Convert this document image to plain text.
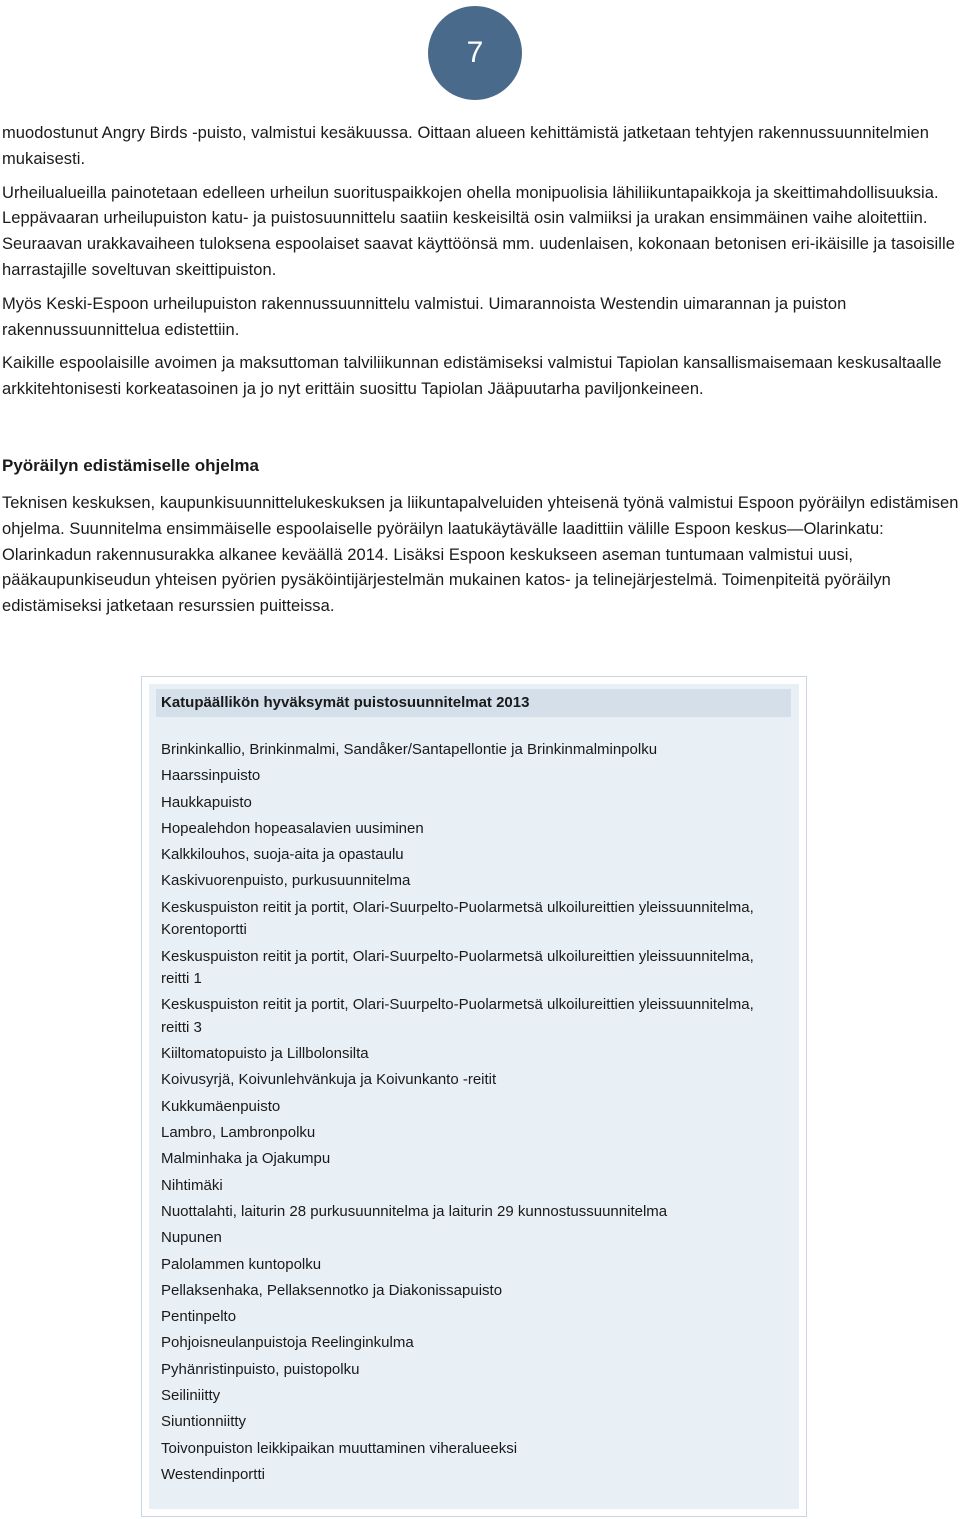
7

muodostunut Angry Birds -puisto, valmistui kesäkuussa. Oittaan alueen kehittämistä jatketaan tehtyjen rakennussuunnitelmien mukaisesti.

Urheilualueilla painotetaan edelleen urheilun suorituspaikkojen ohella monipuolisia lähiliikuntapaikkoja ja skeittimahdollisuuksia. Leppävaaran urheilupuiston katu- ja puistosuunnittelu saatiin keskeisiltä osin valmiiksi ja urakan ensimmäinen vaihe aloitettiin. Seuraavan urakkavaiheen tuloksena espoolaiset saavat käyttöönsä mm. uudenlaisen, kokonaan betonisen eri-ikäisille ja tasoisille harrastajille soveltuvan skeittipuiston.

Myös Keski-Espoon urheilupuiston rakennussuunnittelu valmistui. Uimarannoista Westendin uimarannan ja puiston rakennussuunnittelua edistettiin.

Kaikille espoolaisille avoimen ja maksuttoman talviliikunnan edistämiseksi valmistui Tapiolan kansallismaisemaan keskusaltaalle arkkitehtonisesti korkeatasoinen ja jo nyt erittäin suosittu Tapiolan Jääpuutarha paviljonkeineen.

Pyöräilyn edistämiselle ohjelma

Teknisen keskuksen, kaupunkisuunnittelukeskuksen ja liikuntapalveluiden yhteisenä työnä valmistui Espoon pyöräilyn edistämisen ohjelma. Suunnitelma ensimmäiselle espoolaiselle pyöräilyn laatukäytävälle laadittiin välille Espoon keskus—Olarinkatu: Olarinkadun rakennusurakka alkanee keväällä 2014. Lisäksi Espoon keskukseen aseman tuntumaan valmistui uusi, pääkaupunkiseudun yhteisen pyörien pysäköintijärjestelmän mukainen katos- ja telinejärjestelmä. Toimenpiteitä pyöräilyn edistämiseksi jatketaan resurssien puitteissa.

Katupäällikön hyväksymät puistosuunnitelmat 2013
Brinkinkallio, Brinkinmalmi, Sandåker/Santapellontie ja Brinkinmalminpolku
Haarssinpuisto
Haukkapuisto
Hopealehdon hopeasalavien uusiminen
Kalkkilouhos, suoja-aita ja opastaulu
Kaskivuorenpuisto, purkusuunnitelma
Keskuspuiston reitit ja portit, Olari-Suurpelto-Puolarmetsä ulkoilureittien yleissuunnitelma, Korentoportti
Keskuspuiston reitit ja portit, Olari-Suurpelto-Puolarmetsä ulkoilureittien yleissuunnitelma, reitti 1
Keskuspuiston reitit ja portit, Olari-Suurpelto-Puolarmetsä ulkoilureittien yleissuunnitelma, reitti 3
Kiiltomatopuisto ja Lillbolonsilta
Koivusyrjä, Koivunlehvänkuja ja Koivunkanto -reitit
Kukkumäenpuisto
Lambro, Lambronpolku
Malminhaka ja Ojakumpu
Nihtimäki
Nuottalahti, laiturin 28 purkusuunnitelma ja laiturin 29 kunnostussuunnitelma
Nupunen
Palolammen kuntopolku
Pellaksenhaka, Pellaksennotko ja Diakonissapuisto
Pentinpelto
Pohjoisneulanpuistoja Reelinginkulma
Pyhänristinpuisto, puistopolku
Seiliniitty
Siuntionniitty
Toivonpuiston leikkipaikan muuttaminen viheralueeksi
Westendinportti
